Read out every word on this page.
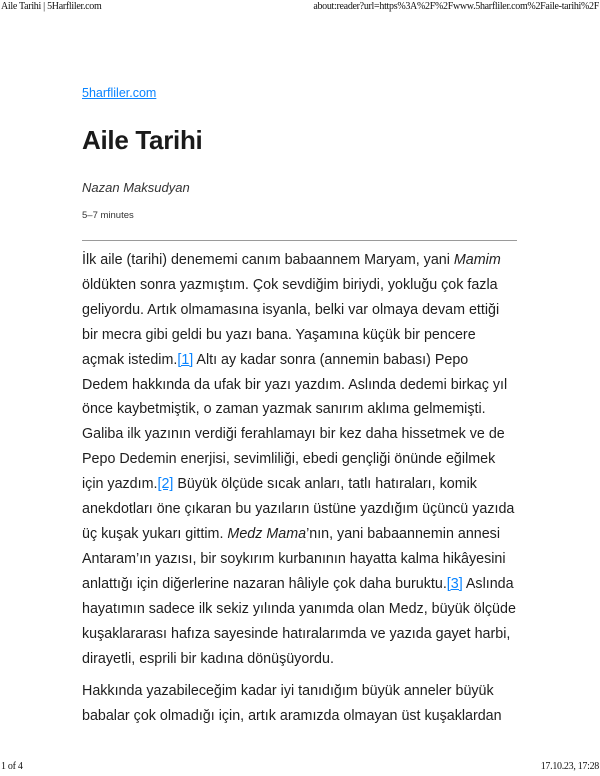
Aile Tarihi | 5Harfliler.com	about:reader?url=https%3A%2F%2Fwww.5harfliler.com%2Faile-tarihi%2F
5harfliler.com
Aile Tarihi
Nazan Maksudyan
5–7 minutes

İlk aile (tarihi) denememi canım babaannem Maryam, yani Mamim öldükten sonra yazmıştım. Çok sevdiğim biriydi, yokluğu çok fazla geliyordu. Artık olmamasına isyanla, belki var olmaya devam ettiği bir mecra gibi geldi bu yazı bana. Yaşamına küçük bir pencere açmak istedim.[1] Altı ay kadar sonra (annemin babası) Pepo Dedem hakkında da ufak bir yazı yazdım. Aslında dedemi birkaç yıl önce kaybetmiştik, o zaman yazmak sanırım aklıma gelmemişti. Galiba ilk yazının verdiği ferahlamayı bir kez daha hissetmek ve de Pepo Dedemin enerjisi, sevimliliği, ebedi gençliği önünde eğilmek için yazdım.[2] Büyük ölçüde sıcak anları, tatlı hatıraları, komik anekdotları öne çıkaran bu yazıların üstüne yazdığım üçüncü yazıda üç kuşak yukarı gittim. Medz Mama’nın, yani babaannemin annesi Antaram’ın yazısı, bir soykırım kurbanının hayatta kalma hikâyesini anlattığı için diğerlerine nazaran hâliyle çok daha buruktu.[3] Aslında hayatımın sadece ilk sekiz yılında yanımda olan Medz, büyük ölçüde kuşaklararası hafıza sayesinde hatıralarımda ve yazıda gayet harbi, dirayetli, esprili bir kadına dönüşüyordu.

Hakkında yazabileceğim kadar iyi tanıdığım büyük anneler büyük babalar çok olmadığı için, artık aramızda olmayan üst kuşaklardan

1 of 4	17.10.23, 17:28
